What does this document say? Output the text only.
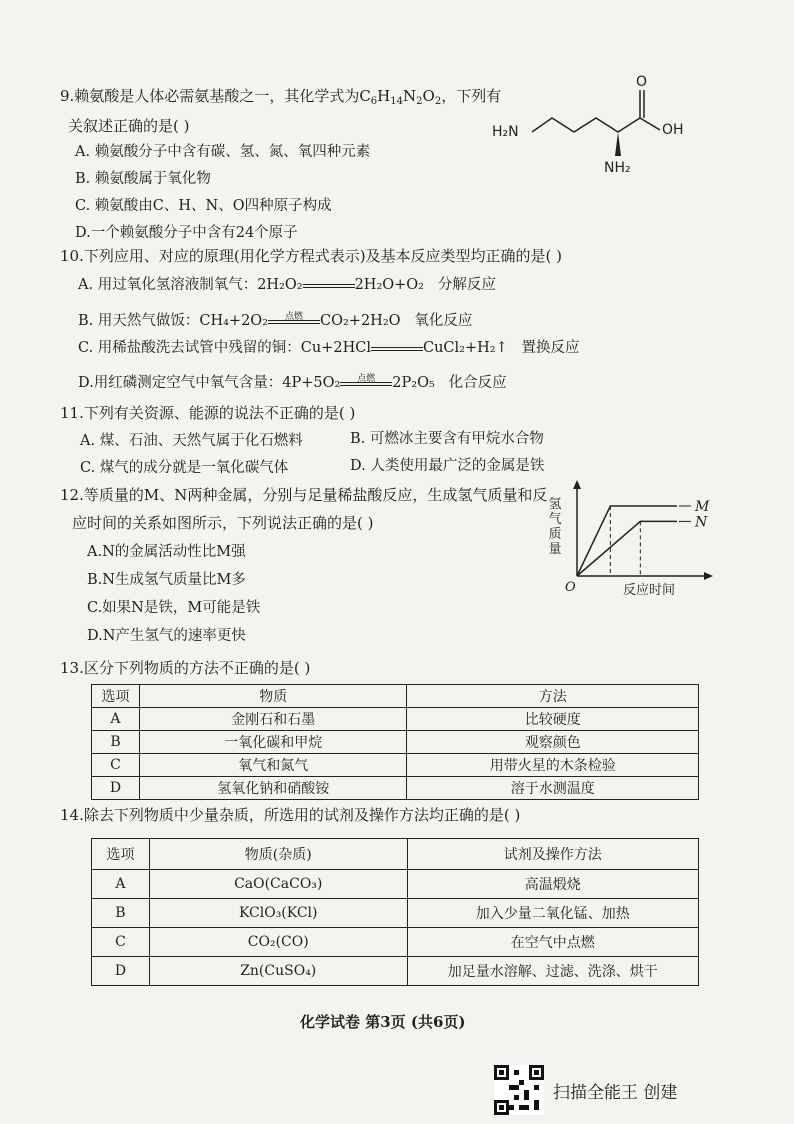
9.赖氨酸是人体必需氨基酸之一，其化学式为$C_6H_{14}N_2O_2$，下列有
关叙述正确的是( )
A. 赖氨酸分子中含有碳、氢、氮、氧四种元素
B. 赖氨酸属于氧化物
C. 赖氨酸由C、H、N、O四种原子构成
D.一个赖氨酸分子中含有24个原子
O
OH
H₂N
NH₂
10.下列应用、对应的原理(用化学方程式表示)及基本反应类型均正确的是( )
A. 用过氧化氢溶液制氧气：2H₂O₂	2H₂O+O₂ 分解反应
B. 用天然气做饭：CH₄+2O₂	点燃	CO₂+2H₂O 氧化反应
C. 用稀盐酸洗去试管中残留的铜：Cu+2HCl	CuCl₂+H₂↑ 置换反应
D.用红磷测定空气中氧气含量：4P+5O₂	点燃	2P₂O₅ 化合反应
11.下列有关资源、能源的说法不正确的是( )
A. 煤、石油、天然气属于化石燃料	B. 可燃冰主要含有甲烷水合物
C. 煤气的成分就是一氧化碳气体	D. 人类使用最广泛的金属是铁
12.等质量的M、N两种金属，分别与足量稀盐酸反应，生成氢气质量和反
应时间的关系如图所示，下列说法正确的是( )
A.N的金属活动性比M强
B.N生成氢气质量比M多
C.如果N是铁，M可能是铁
D.N产生氢气的速率更快
M
N
氢
气
质
量
反应时间
O
13.区分下列物质的方法不正确的是( )
选项	物质	方法
A	金刚石和石墨	比较硬度
B	一氧化碳和甲烷	观察颜色
C	氧气和氮气	用带火星的木条检验
D	氢氧化钠和硝酸铵	溶于水测温度
14.除去下列物质中少量杂质，所选用的试剂及操作方法均正确的是( )
选项	物质(杂质)	试剂及操作方法
A	CaO(CaCO₃)	高温煅烧
B	KClO₃(KCl)	加入少量二氧化锰、加热
C	CO₂(CO)	在空气中点燃
D	Zn(CuSO₄)	加足量水溶解、过滤、洗涤、烘干
化学试卷 第3页 (共6页)
扫描全能王 创建
